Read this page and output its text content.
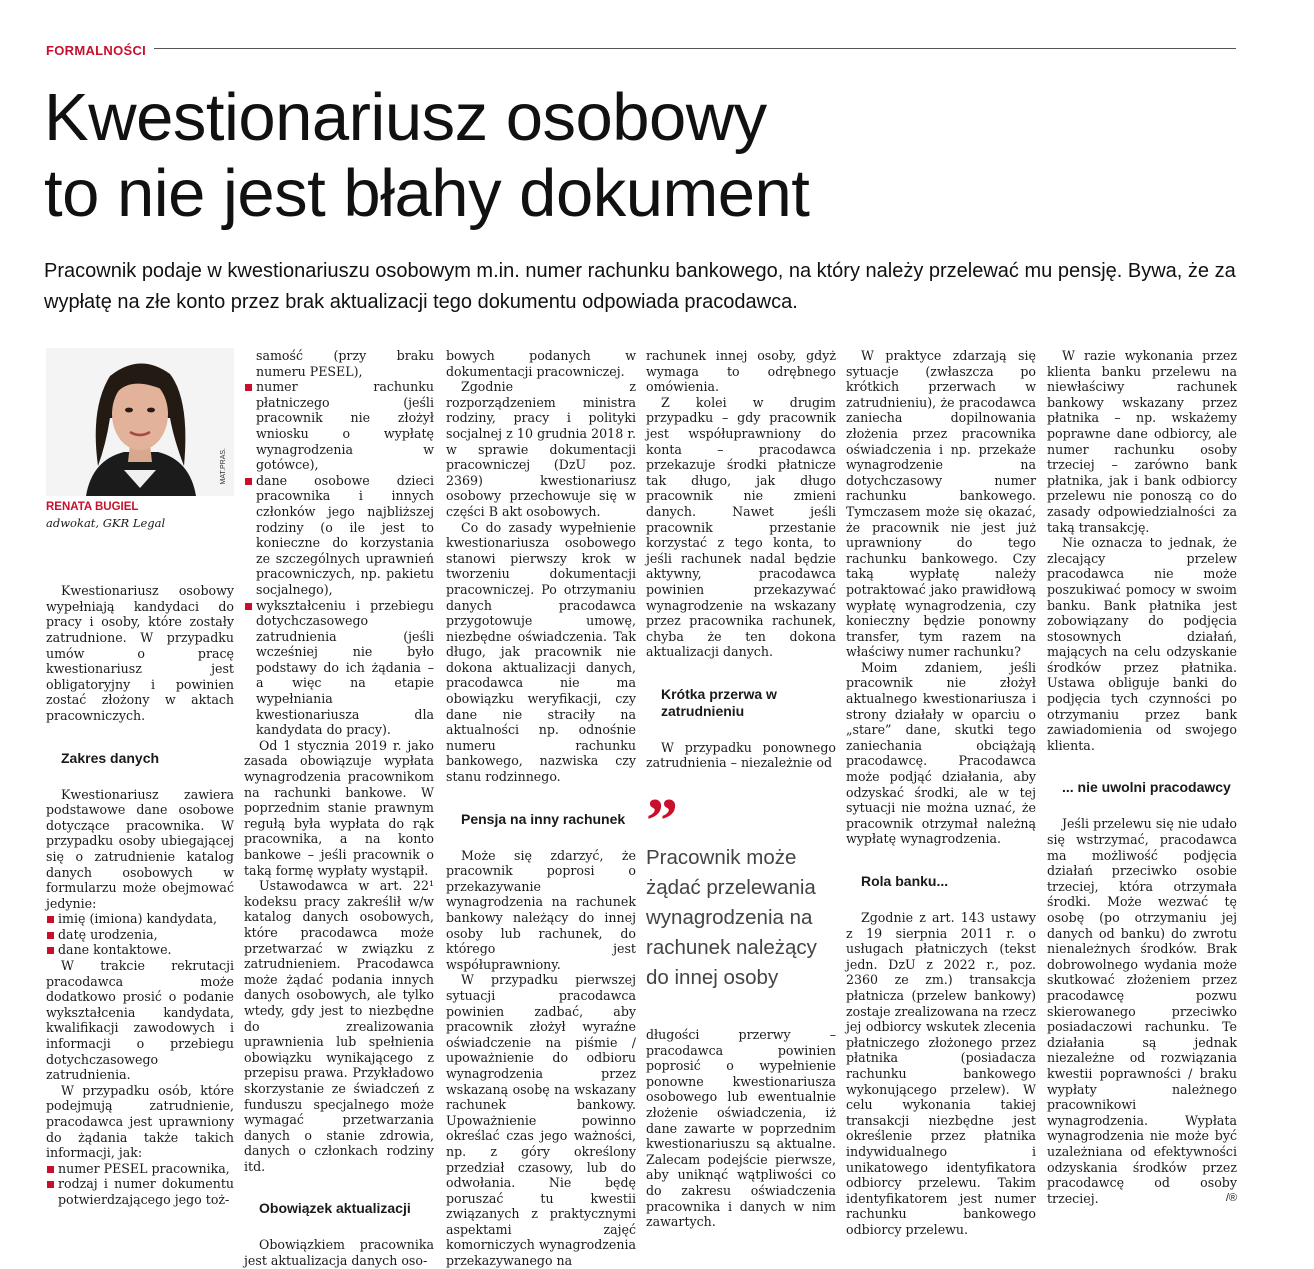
FORMALNOŚCI
Kwestionariusz osobowy
to nie jest błahy dokument

Pracownik podaje w kwestionariuszu osobowym m.in. numer rachunku bankowego, na który należy przelewać mu pensję. Bywa, że za wypłatę na złe konto przez brak aktualizacji tego dokumentu odpowiada pracodawca.

MAT.PRAS.
RENATA BUGIEL
adwokat, GKR Legal

Kwestionariusz osobowy wypełniają kandydaci do pracy i osoby, które zostały zatrudnione. W przypadku umów o pracę kwestionariusz jest obligatoryjny i powinien zostać złożony w aktach pracowniczych.

Zakres danych

Kwestionariusz zawiera podstawowe dane osobowe dotyczące pracownika. W przypadku osoby ubiegającej się o zatrudnienie katalog danych osobowych w formularzu może obejmować jedynie:

imię (imiona) kandydata,

datę urodzenia,

dane kontaktowe.

W trakcie rekrutacji pracodawca może dodatkowo prosić o podanie wykształcenia kandydata, kwalifikacji zawodowych i informacji o przebiegu dotychczasowego zatrudnienia.

W przypadku osób, które podejmują zatrudnienie, pracodawca jest uprawniony do żądania także takich informacji, jak:

numer PESEL pracownika,

rodzaj i numer dokumentu potwierdzającego jego toż-

samość (przy braku numeru PESEL),

numer rachunku płatniczego (jeśli pracownik nie złożył wniosku o wypłatę wynagrodzenia w gotówce),

dane osobowe dzieci pracownika i innych członków jego najbliższej rodziny (o ile jest to konieczne do korzystania ze szczególnych uprawnień pracowniczych, np. pakietu socjalnego),

wykształceniu i przebiegu dotychczasowego zatrudnienia (jeśli wcześniej nie było podstawy do ich żądania – a więc na etapie wypełniania kwestionariusza dla kandydata do pracy).

Od 1 stycznia 2019 r. jako zasada obowiązuje wypłata wynagrodzenia pracownikom na rachunki bankowe. W poprzednim stanie prawnym regułą była wypłata do rąk pracownika, a na konto bankowe – jeśli pracownik o taką formę wypłaty wystąpił.

Ustawodawca w art. 22¹ kodeksu pracy zakreślił w/w katalog danych osobowych, które pracodawca może przetwarzać w związku z zatrudnieniem. Pracodawca może żądać podania innych danych osobowych, ale tylko wtedy, gdy jest to niezbędne do zrealizowania uprawnienia lub spełnienia obowiązku wynikającego z przepisu prawa. Przykładowo skorzystanie ze świadczeń z funduszu specjalnego może wymagać przetwarzania danych o stanie zdrowia, danych o członkach rodziny itd.

Obowiązek aktualizacji

Obowiązkiem pracownika jest aktualizacja danych oso-

bowych podanych w dokumentacji pracowniczej.

Zgodnie z rozporządzeniem ministra rodziny, pracy i polityki socjalnej z 10 grudnia 2018 r. w sprawie dokumentacji pracowniczej (DzU poz. 2369) kwestionariusz osobowy przechowuje się w części B akt osobowych.

Co do zasady wypełnienie kwestionariusza osobowego stanowi pierwszy krok w tworzeniu dokumentacji pracowniczej. Po otrzymaniu danych pracodawca przygotowuje umowę, niezbędne oświadczenia. Tak długo, jak pracownik nie dokona aktualizacji danych, pracodawca nie ma obowiązku weryfikacji, czy dane nie straciły na aktualności np. odnośnie numeru rachunku bankowego, nazwiska czy stanu rodzinnego.

Pensja na inny rachunek

Może się zdarzyć, że pracownik poprosi o przekazywanie wynagrodzenia na rachunek bankowy należący do innej osoby lub rachunek, do którego jest współuprawniony.

W przypadku pierwszej sytuacji pracodawca powinien zadbać, aby pracownik złożył wyraźne oświadczenie na piśmie / upoważnienie do odbioru wynagrodzenia przez wskazaną osobę na wskazany rachunek bankowy. Upoważnienie powinno określać czas jego ważności, np. z góry określony przedział czasowy, lub do odwołania. Nie będę poruszać tu kwestii związanych z praktycznymi aspektami zajęć komorniczych wynagrodzenia przekazywanego na

rachunek innej osoby, gdyż wymaga to odrębnego omówienia.

Z kolei w drugim przypadku – gdy pracownik jest współuprawniony do konta – pracodawca przekazuje środki płatnicze tak długo, jak długo pracownik nie zmieni danych. Nawet jeśli pracownik przestanie korzystać z tego konta, to jeśli rachunek nadal będzie aktywny, pracodawca powinien przekazywać wynagrodzenie na wskazany przez pracownika rachunek, chyba że ten dokona aktualizacji danych.

Krótka przerwa w zatrudnieniu

W przypadku ponownego zatrudnienia – niezależnie od

”
Pracownik może żądać przelewania wynagrodzenia na rachunek należący do innej osoby

długości przerwy – pracodawca powinien poprosić o wypełnienie ponowne kwestionariusza osobowego lub ewentualnie złożenie oświadczenia, iż dane zawarte w poprzednim kwestionariuszu są aktualne. Zalecam podejście pierwsze, aby uniknąć wątpliwości co do zakresu oświadczenia pracownika i danych w nim zawartych.

W praktyce zdarzają się sytuacje (zwłaszcza po krótkich przerwach w zatrudnieniu), że pracodawca zaniecha dopilnowania złożenia przez pracownika oświadczenia i np. przekaże wynagrodzenie na dotychczasowy numer rachunku bankowego. Tymczasem może się okazać, że pracownik nie jest już uprawniony do tego rachunku bankowego. Czy taką wypłatę należy potraktować jako prawidłową wypłatę wynagrodzenia, czy konieczny będzie ponowny transfer, tym razem na właściwy numer rachunku?

Moim zdaniem, jeśli pracownik nie złożył aktualnego kwestionariusza i strony działały w oparciu o „stare” dane, skutki tego zaniechania obciążają pracodawcę. Pracodawca może podjąć działania, aby odzyskać środki, ale w tej sytuacji nie można uznać, że pracownik otrzymał należną wypłatę wynagrodzenia.

Rola banku...

Zgodnie z art. 143 ustawy z 19 sierpnia 2011 r. o usługach płatniczych (tekst jedn. DzU z 2022 r., poz. 2360 ze zm.) transakcja płatnicza (przelew bankowy) zostaje zrealizowana na rzecz jej odbiorcy wskutek zlecenia płatniczego złożonego przez płatnika (posiadacza rachunku bankowego wykonującego przelew). W celu wykonania takiej transakcji niezbędne jest określenie przez płatnika indywidualnego i unikatowego identyfikatora odbiorcy przelewu. Takim identyfikatorem jest numer rachunku bankowego odbiorcy przelewu.

W razie wykonania przez klienta banku przelewu na niewłaściwy rachunek bankowy wskazany przez płatnika – np. wskażemy poprawne dane odbiorcy, ale numer rachunku osoby trzeciej – zarówno bank płatnika, jak i bank odbiorcy przelewu nie ponoszą co do zasady odpowiedzialności za taką transakcję.

Nie oznacza to jednak, że zlecający przelew pracodawca nie może poszukiwać pomocy w swoim banku. Bank płatnika jest zobowiązany do podjęcia stosownych działań, mających na celu odzyskanie środków przez płatnika. Ustawa obliguje banki do podjęcia tych czynności po otrzymaniu przez bank zawiadomienia od swojego klienta.

... nie uwolni pracodawcy

Jeśli przelewu się nie udało się wstrzymać, pracodawca ma możliwość podjęcia działań przeciwko osobie trzeciej, która otrzymała środki. Może wezwać tę osobę (po otrzymaniu jej danych od banku) do zwrotu nienależnych środków. Brak dobrowolnego wydania może skutkować złożeniem przez pracodawcę pozwu skierowanego przeciwko posiadaczowi rachunku. Te działania są jednak niezależne od rozwiązania kwestii poprawności / braku wypłaty należnego pracownikowi wynagrodzenia. Wypłata wynagrodzenia nie może być uzależniana od efektywności odzyskania środków przez pracodawcę od osoby trzeciej.	/®
